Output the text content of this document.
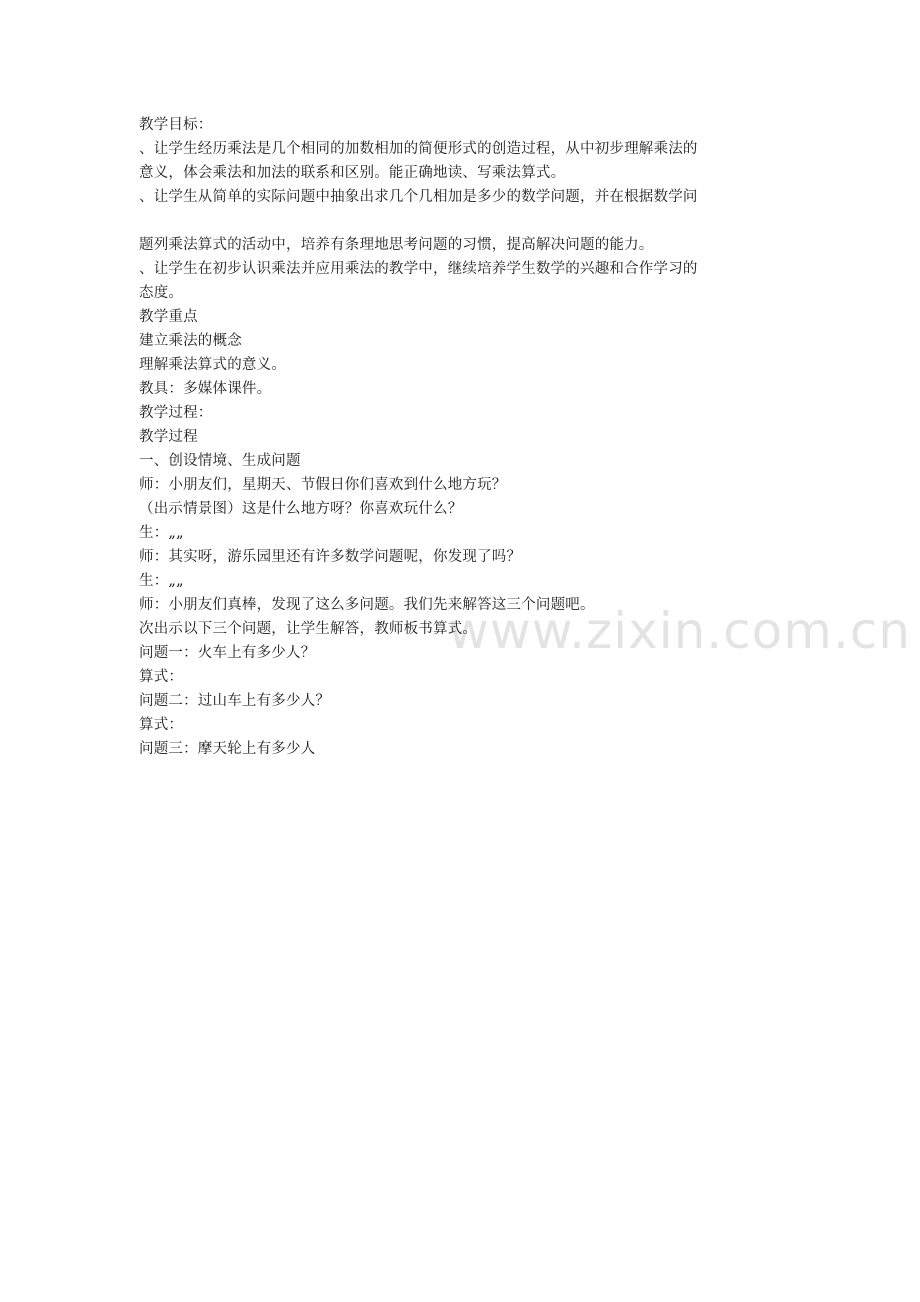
教学目标：
、让学生经历乘法是几个相同的加数相加的简便形式的创造过程，从中初步理解乘法的
意义，体会乘法和加法的联系和区别。能正确地读、写乘法算式。
、让学生从简单的实际问题中抽象出求几个几相加是多少的数学问题，并在根据数学问
题列乘法算式的活动中，培养有条理地思考问题的习惯，提高解决问题的能力。
、让学生在初步认识乘法并应用乘法的教学中，继续培养学生数学的兴趣和合作学习的
态度。
教学重点
建立乘法的概念
理解乘法算式的意义。
教具：多媒体课件。
教学过程：
教学过程
一、创设情境、生成问题
师：小朋友们，星期天、节假日你们喜欢到什么地方玩？
（出示情景图）这是什么地方呀？你喜欢玩什么？
生：„„
师：其实呀，游乐园里还有许多数学问题呢，你发现了吗？
生：„„
师：小朋友们真棒，发现了这么多问题。我们先来解答这三个问题吧。
次出示以下三个问题，让学生解答，教师板书算式。
问题一：火车上有多少人？
算式：
问题二：过山车上有多少人？
算式：
问题三：摩天轮上有多少人
www.zixin.com.cn
